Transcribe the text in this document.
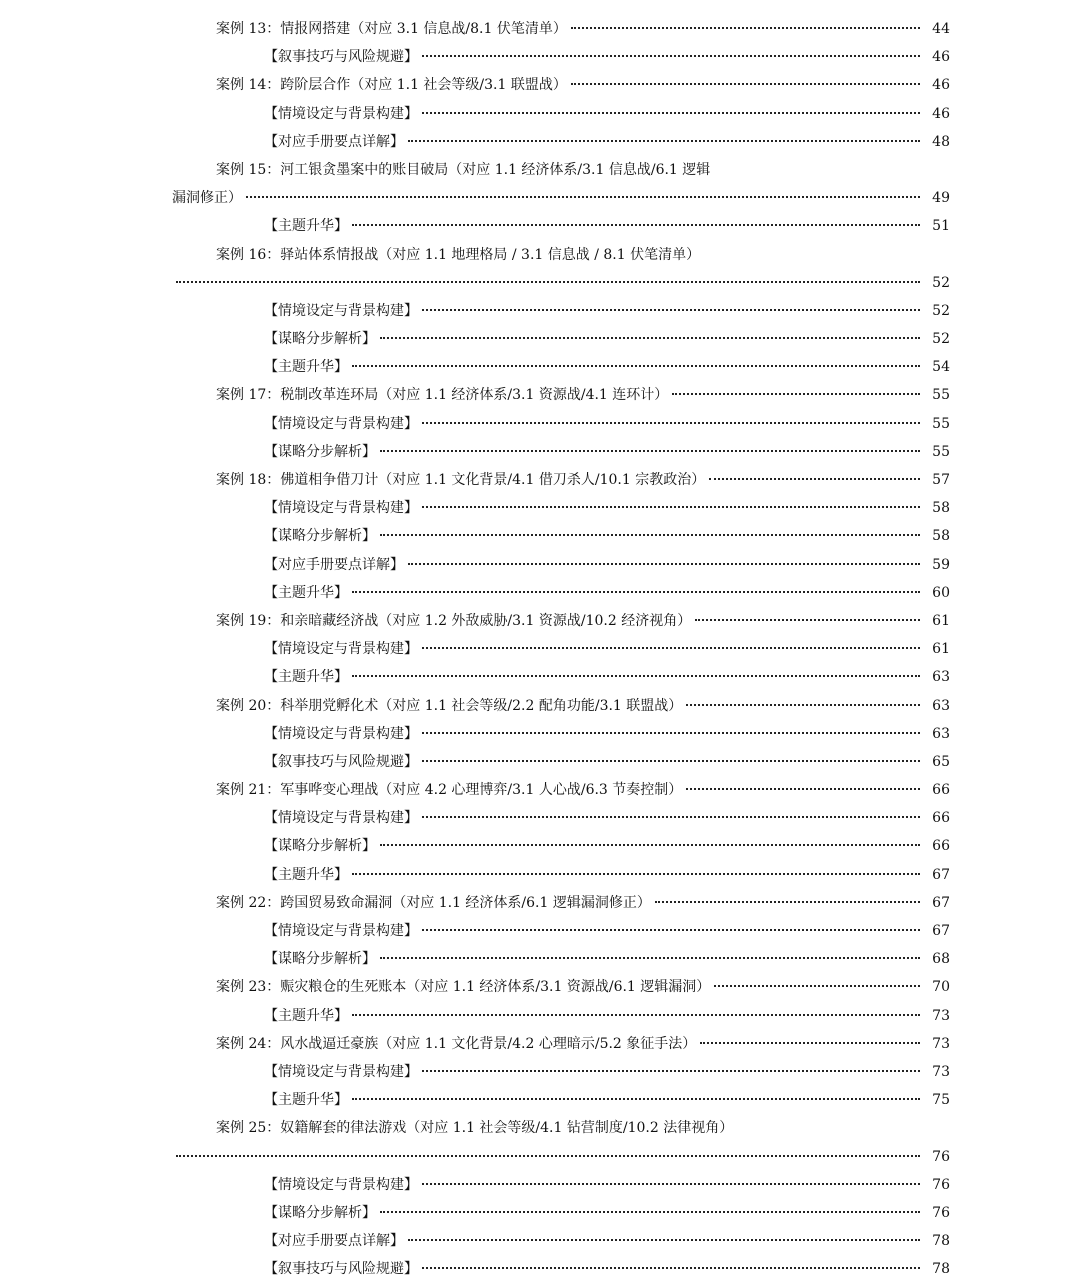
案例 13：情报网搭建（对应 3.1 信息战/8.1 伏笔清单）	44
【叙事技巧与风险规避】	46
案例 14：跨阶层合作（对应 1.1 社会等级/3.1 联盟战）	46
【情境设定与背景构建】	46
【对应手册要点详解】	48
案例 15：河工银贪墨案中的账目破局（对应 1.1 经济体系/3.1 信息战/6.1 逻辑
漏洞修正）	49
【主题升华】	51
案例 16：驿站体系情报战（对应 1.1 地理格局 / 3.1 信息战 / 8.1 伏笔清单）
52
【情境设定与背景构建】	52
【谋略分步解析】	52
【主题升华】	54
案例 17：税制改革连环局（对应 1.1 经济体系/3.1 资源战/4.1 连环计）	55
【情境设定与背景构建】	55
【谋略分步解析】	55
案例 18：佛道相争借刀计（对应 1.1 文化背景/4.1 借刀杀人/10.1 宗教政治）	57
【情境设定与背景构建】	58
【谋略分步解析】	58
【对应手册要点详解】	59
【主题升华】	60
案例 19：和亲暗藏经济战（对应 1.2 外敌威胁/3.1 资源战/10.2 经济视角）	61
【情境设定与背景构建】	61
【主题升华】	63
案例 20：科举朋党孵化术（对应 1.1 社会等级/2.2 配角功能/3.1 联盟战）	63
【情境设定与背景构建】	63
【叙事技巧与风险规避】	65
案例 21：军事哗变心理战（对应 4.2 心理博弈/3.1 人心战/6.3 节奏控制）	66
【情境设定与背景构建】	66
【谋略分步解析】	66
【主题升华】	67
案例 22：跨国贸易致命漏洞（对应 1.1 经济体系/6.1 逻辑漏洞修正）	67
【情境设定与背景构建】	67
【谋略分步解析】	68
案例 23：赈灾粮仓的生死账本（对应 1.1 经济体系/3.1 资源战/6.1 逻辑漏洞）	70
【主题升华】	73
案例 24：风水战逼迁豪族（对应 1.1 文化背景/4.2 心理暗示/5.2 象征手法）	73
【情境设定与背景构建】	73
【主题升华】	75
案例 25：奴籍解套的律法游戏（对应 1.1 社会等级/4.1 钻营制度/10.2 法律视角）
76
【情境设定与背景构建】	76
【谋略分步解析】	76
【对应手册要点详解】	78
【叙事技巧与风险规避】	78
